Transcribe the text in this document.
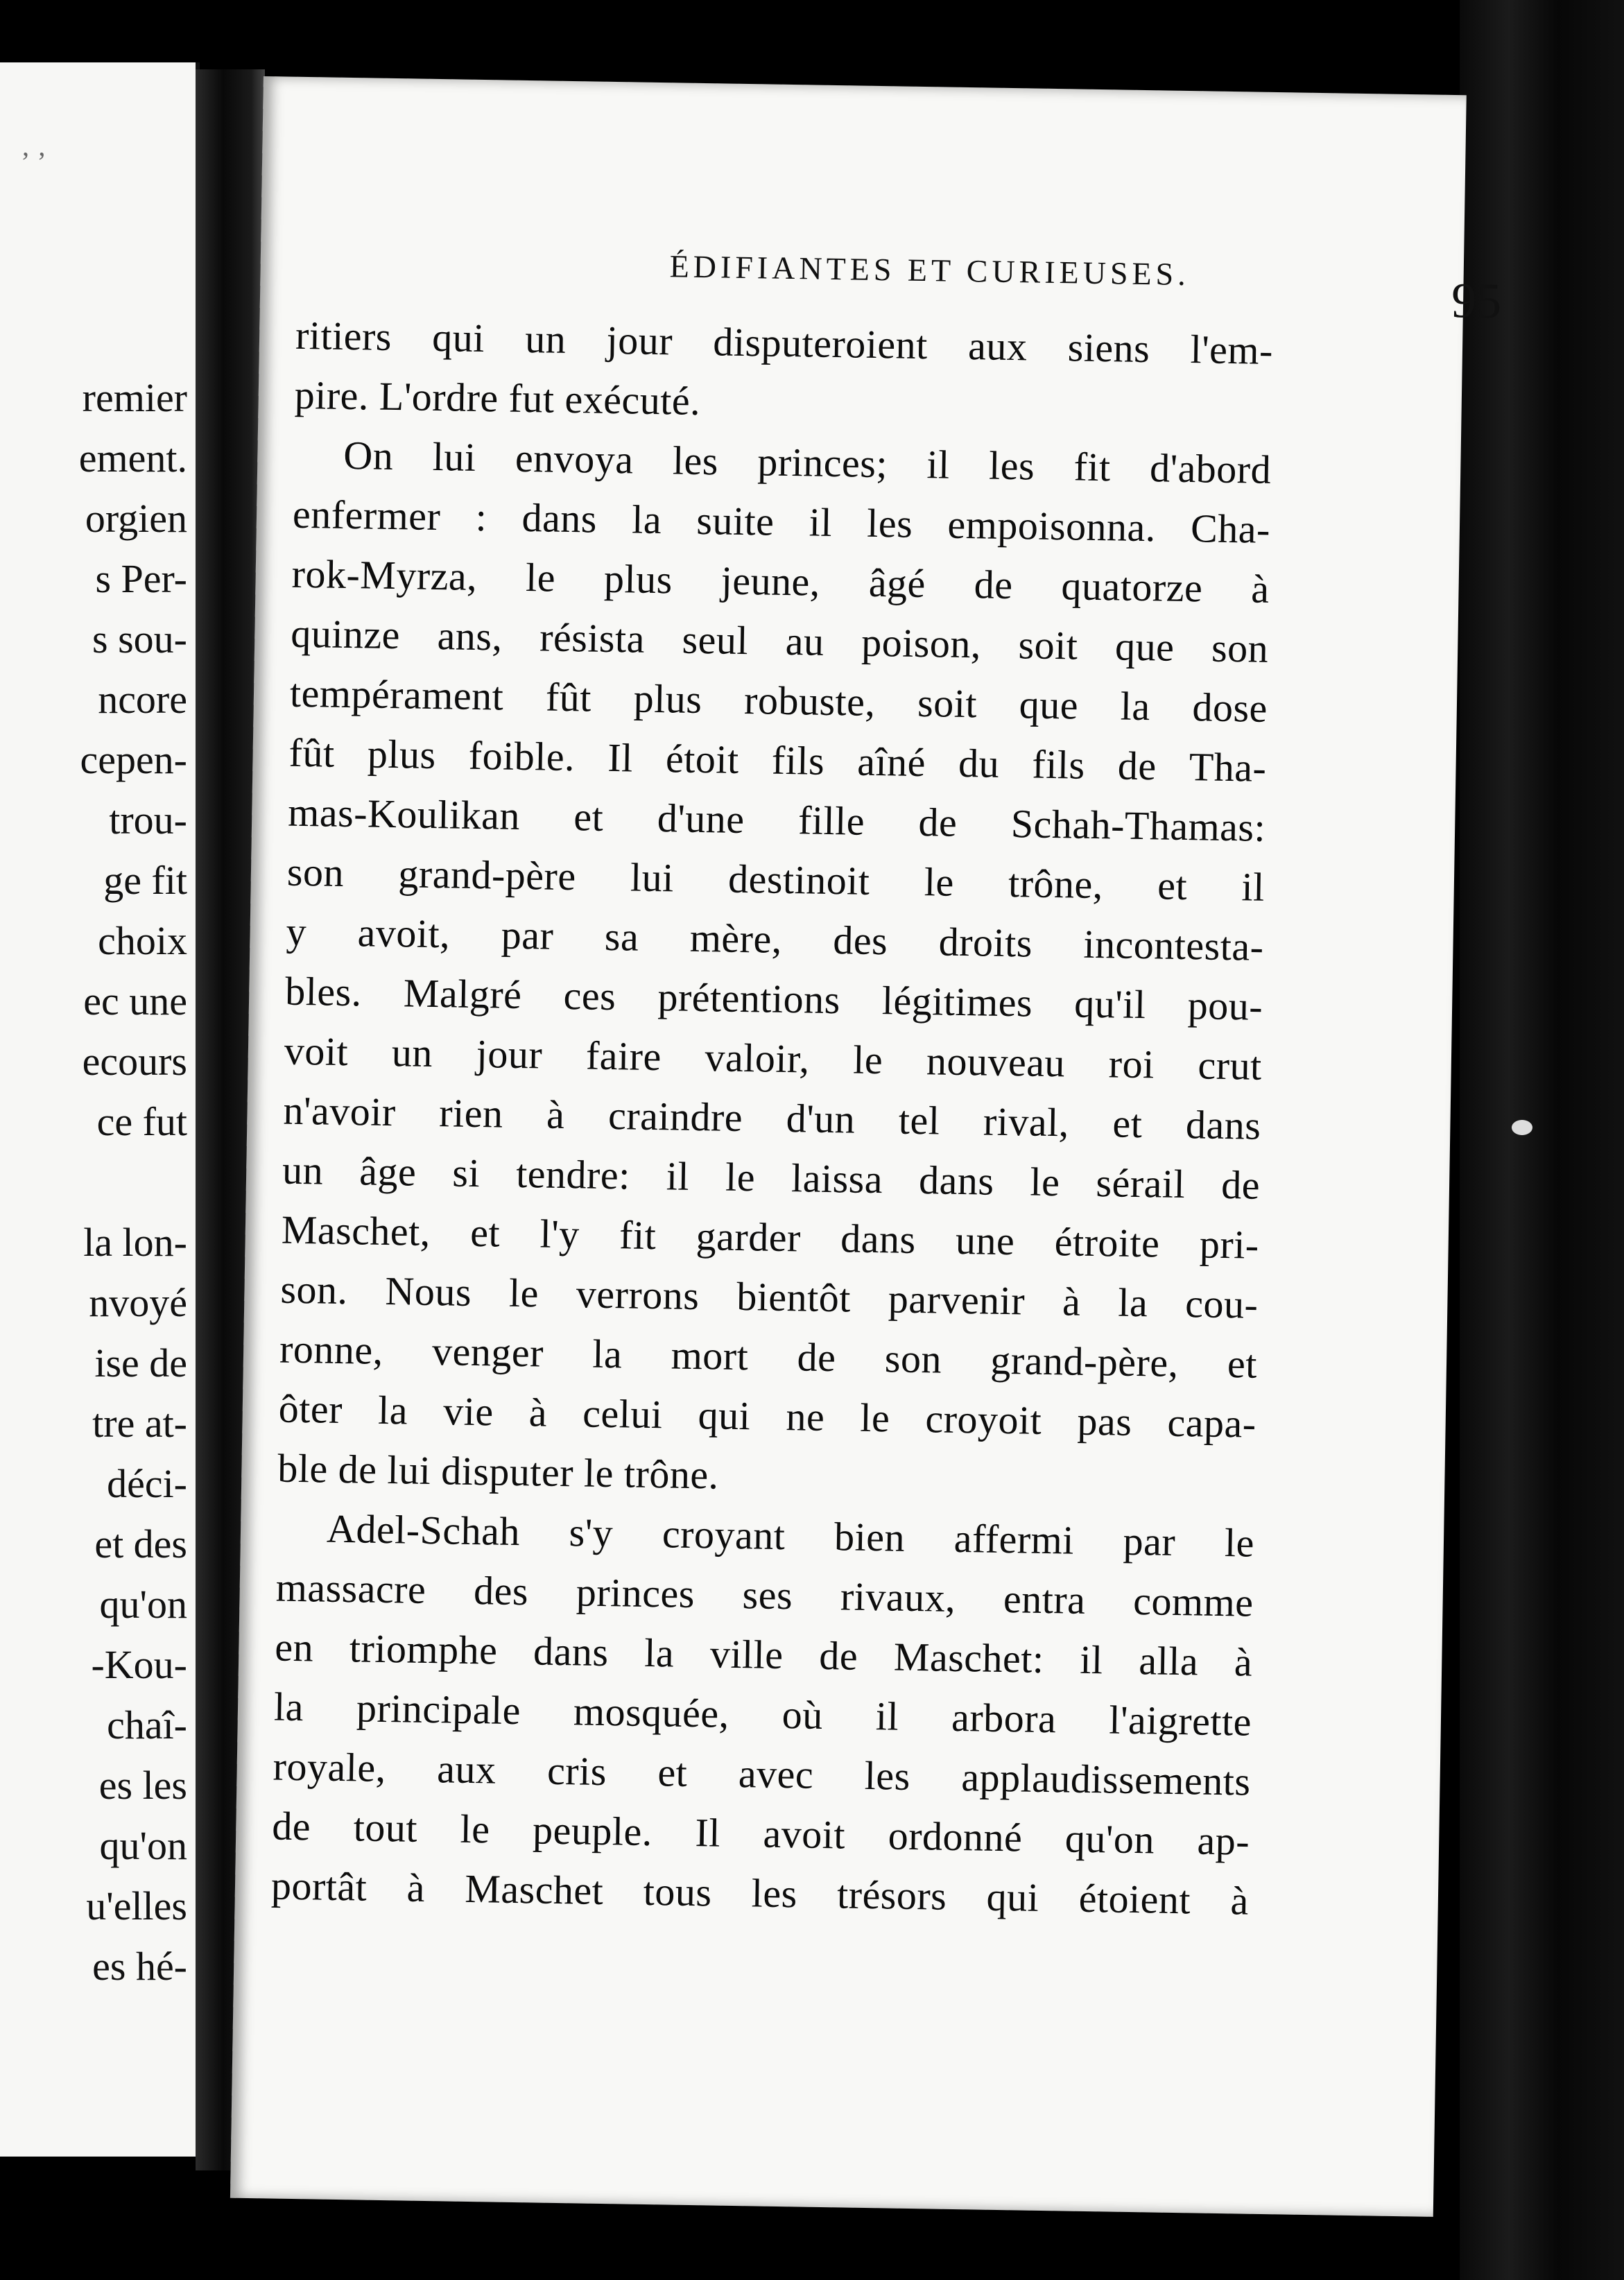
ʼ ʼ
remier
ement.
orgien
s Per-
s sou-
ncore
cepen-
trou-
ge fit
choix
ec une
ecours
ce fut

la lon-
nvoyé
ise de
tre at-
déci-
et des
qu'on
-Kou-
chaî-
es les
qu'on
u'elles
es hé-
ÉDIFIANTES ET CURIEUSES.
95
ritiers qui un jour disputeroient aux siens l'em-
pire. L'ordre fut exécuté.
On lui envoya les princes; il les fit d'abord
enfermer : dans la suite il les empoisonna. Cha-
rok-Myrza, le plus jeune, âgé de quatorze à
quinze ans, résista seul au poison, soit que son
tempérament fût plus robuste, soit que la dose
fût plus foible. Il étoit fils aîné du fils de Tha-
mas-Koulikan et d'une fille de Schah-Thamas:
son grand-père lui destinoit le trône, et il
y avoit, par sa mère, des droits incontesta-
bles. Malgré ces prétentions légitimes qu'il pou-
voit un jour faire valoir, le nouveau roi crut
n'avoir rien à craindre d'un tel rival, et dans
un âge si tendre: il le laissa dans le sérail de
Maschet, et l'y fit garder dans une étroite pri-
son. Nous le verrons bientôt parvenir à la cou-
ronne, venger la mort de son grand-père, et
ôter la vie à celui qui ne le croyoit pas capa-
ble de lui disputer le trône.
Adel-Schah s'y croyant bien affermi par le
massacre des princes ses rivaux, entra comme
en triomphe dans la ville de Maschet: il alla à
la principale mosquée, où il arbora l'aigrette
royale, aux cris et avec les applaudissements
de tout le peuple. Il avoit ordonné qu'on ap-
portât à Maschet tous les trésors qui étoient à
